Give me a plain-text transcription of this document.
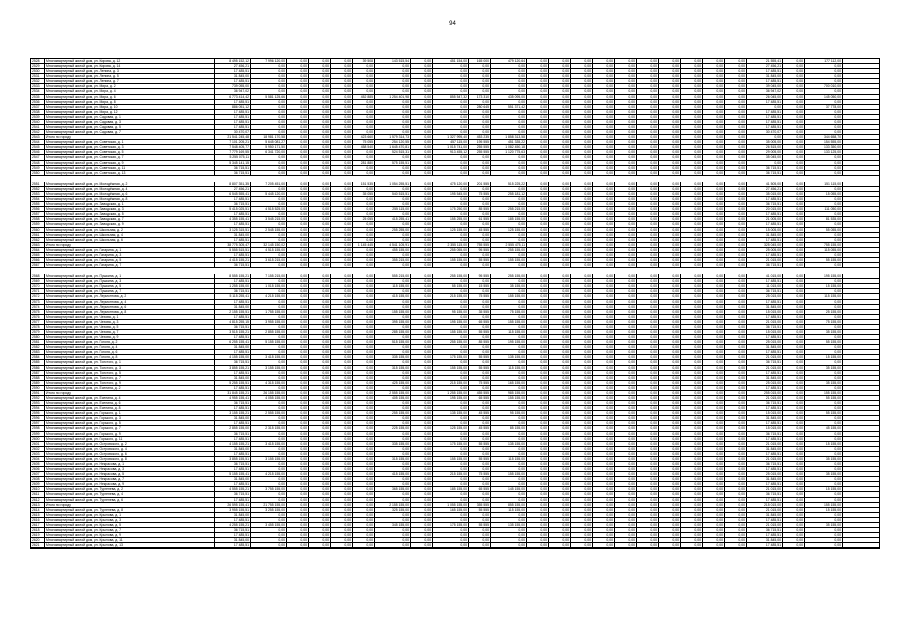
94
2528	Многоквартирный жилой дом, ул. Кирова, д. 12	8 495 152,12	7 996 120,00	0,00	0,00	0,00	39 508	143 515,54	0,00	451 154,00	165 000	479 120,64	0,00	0,00	0,00	0,00	0,00	0,00	0,00	0,00	0,00	0,00	21 555,41	0,00	177 112,00
2529	Многоквартирный жилой дом, ул. Кирова, д. 14	27 456,21	0,00	0,00	0,00	0,00	0,00	0,00	0,00	0,00	0,00	0,00	0,00	0,00	0,00	0,00	0,00	0,00	0,00	0,00	0,00	0,00	27 456,21	0,00	0,00
2530	Многоквартирный жилой дом, ул. Ленина, д. 3	17 485,51	0,00	0,00	0,00	0,00	0,00	0,00	0,00	0,00	0,00	0,00	0,00	0,00	0,00	0,00	0,00	0,00	0,00	0,00	0,00	0,00	17 485,51	0,00	0,00
2531	Многоквартирный жилой дом, ул. Ленина, д. 5	31 845,00	0,00	0,00	0,00	0,00	0,00	0,00	0,00	0,00	0,00	0,00	0,00	0,00	0,00	0,00	0,00	0,00	0,00	0,00	0,00	0,00	31 845,00	0,00	0,00
2532	Многоквартирный жилой дом, ул. Ленина, д. 7	17 485,51	0,00	0,00	0,00	0,00	0,00	0,00	0,00	0,00	0,00	0,00	0,00	0,00	0,00	0,00	0,00	0,00	0,00	0,00	0,00	0,00	17 485,51	0,00	0,00
2533	Многоквартирный жилой дом, ул. Мира, д. 2	739 055,00	0,00	0,00	0,00	0,00	0,00	0,00	0,00	0,00	0,00	0,00	0,00	0,00	0,00	0,00	0,00	0,00	0,00	0,00	0,00	0,00	39 045,00	0,00	700 010,00
2534	Многоквартирный жилой дом, ул. Мира, д. 4	36 947,02	0,00	0,00	0,00	0,00	0,00	0,00	0,00	0,00	0,00	0,00	0,00	0,00	0,00	0,00	0,00	0,00	0,00	0,00	0,00	0,00	36 947,02	0,00	0,00
2535	Многоквартирный жилой дом, ул. Мира, д. 6	6 773 414,42	5 581 125,66	0,00	0,00	0,00	452 885	1 254 401,98	0,00	855 547,32	173 310	435 095,00	0,00	0,00	0,00	0,00	0,00	0,00	0,00	0,00	0,00	0,00	26 045,00	0,00	145 050,00
2536	Многоквартирный жилой дом, ул. Мира, д. 8	17 485,51	0,00	0,00	0,00	0,00	0,00	0,00	0,00	0,00	0,00	0,00	0,00	0,00	0,00	0,00	0,00	0,00	0,00	0,00	0,00	0,00	17 485,51	0,00	0,00
2537	Многоквартирный жилой дом, ул. Мира, д. 10	886 051,12	0,00	0,00	0,00	0,00	0,00	0,00	0,00	0,00	280 645	551 371,42	0,00	0,00	0,00	0,00	0,00	0,00	0,00	0,00	0,00	0,00	0,00	0,00	37 778,00
2538	Многоквартирный жилой дом, ул. Мира, д. 12	17 485,51	0,00	0,00	0,00	0,00	0,00	0,00	0,00	0,00	0,00	0,00	0,00	0,00	0,00	0,00	0,00	0,00	0,00	0,00	0,00	0,00	17 485,51	0,00	0,00
2539	Многоквартирный жилой дом, ул. Садовая, д. 1	17 485,51	0,00	0,00	0,00	0,00	0,00	0,00	0,00	0,00	0,00	0,00	0,00	0,00	0,00	0,00	0,00	0,00	0,00	0,00	0,00	0,00	17 485,51	0,00	0,00
2540	Многоквартирный жилой дом, ул. Садовая, д. 3	17 485,51	0,00	0,00	0,00	0,00	0,00	0,00	0,00	0,00	0,00	0,00	0,00	0,00	0,00	0,00	0,00	0,00	0,00	0,00	0,00	0,00	17 485,51	0,00	0,00
2541	Многоквартирный жилой дом, ул. Садовая, д. 5	17 485,51	0,00	0,00	0,00	0,00	0,00	0,00	0,00	0,00	0,00	0,00	0,00	0,00	0,00	0,00	0,00	0,00	0,00	0,00	0,00	0,00	17 485,51	0,00	0,00
2542	Многоквартирный жилой дом, ул. Садовая, д. 7	30 470,07	0,00	0,00	0,00	0,00	0,00	0,00	0,00	0,00	0,00	0,00	0,00	0,00	0,00	0,00	0,00	0,00	0,00	0,00	0,00	0,00	30 470,07	0,00	0,00
2543	Итого по городу	21 541 245,48	18 981 170,58	0,00	0,00	0,00	423 660	1 579 314,73	0,00	1 327 995,40	453 235	1 858 313,58	0,00	0,00	0,00	0,00	0,00	0,00	0,00	0,00	0,00	0,00	0,00	0,00	344 658,70
2544	Многоквартирный жилой дом, ул. Советская, д. 1	7 101 205,21	5 645 081,27	0,00	0,00	0,00	75 055	254 120,55	0,00	457 115,00	195 555	451 335,22	0,00	0,00	0,00	0,00	0,00	0,00	0,00	0,00	0,00	0,00	35 005,00	0,00	154 555,00
2545	Многоквартирный жилой дом, ул. Советская, д. 3	7 548 405,77	5 950 171,50	0,00	0,00	0,00	458 540	1 645 470,81	0,00	1 015 741,00	255 555	1 082 450,18	0,00	0,00	0,00	0,00	0,00	0,00	0,00	0,00	0,00	0,00	26 515,00	0,00	133 350,00
2546	Многоквартирный жилой дом, ул. Советская, д. 5	7 779 169,55	6 341 720,00	0,00	0,00	0,00	0,00	524 515,31	0,00	913 455,12	255 555	1 120 775,63	0,00	0,00	0,00	0,00	0,00	0,00	0,00	0,00	0,00	0,00	29 005,00	0,00	133 125,00
2547	Многоквартирный жилой дом, ул. Советская, д. 7	5 255 075,11	0,00	0,00	0,00	0,00	0,00	0,00	0,00	0,00	0,00	0,00	0,00	0,00	0,00	0,00	0,00	0,00	0,00	0,00	0,00	0,00	35 045,00	0,00	0,00
2548	Многоквартирный жилой дом, ул. Советская, д. 9	5 345 141,15	0,00	0,00	0,00	0,00	281 880	575 155,51	0,00	0,00	0,00	0,00	0,00	0,00	0,00	0,00	0,00	0,00	0,00	0,00	0,00	0,00	0,00	0,00	0,00
2549	Многоквартирный жилой дом, ул. Советская, д. 11	36 715,51	0,00	0,00	0,00	0,00	0,00	0,00	0,00	0,00	0,00	0,00	0,00	0,00	0,00	0,00	0,00	0,00	0,00	0,00	0,00	0,00	36 715,51	0,00	0,00
2550	Многоквартирный жилой дом, ул. Советская, д. 13	36 715,51	0,00	0,00	0,00	0,00	0,00	0,00	0,00	0,00	0,00	0,00	0,00	0,00	0,00	0,00	0,00	0,00	0,00	0,00	0,00	0,00	36 715,51	0,00	0,00
2551	Многоквартирный жилой дом, ул. Молодёжная, д. 2	8 807 351,35	7 205 451,00	0,00	0,00	0,00	151 535	1 054 255,51	0,00	475 120,00	201 555	515 225,22	0,00	0,00	0,00	0,00	0,00	0,00	0,00	0,00	0,00	0,00	41 505,00	0,00	151 115,00
2552	Многоквартирный жилой дом, ул. Молодёжная, д. 4	27 456,21	0,00	0,00	0,00	0,00	0,00	0,00	0,00	0,00	0,00	0,00	0,00	0,00	0,00	0,00	0,00	0,00	0,00	0,00	0,00	0,00	27 456,21	0,00	0,00
2553	Многоквартирный жилой дом, ул. Молодёжная, д. 6	6 545 555,41	5 445 120,00	0,00	0,00	0,00	35 055	540 515,51	0,00	195 545,00	75 555	255 181,12	0,00	0,00	0,00	0,00	0,00	0,00	0,00	0,00	0,00	0,00	35 015,00	0,00	15 055,00
2554	Многоквартирный жилой дом, ул. Молодёжная, д. 8	17 485,51	0,00	0,00	0,00	0,00	0,00	0,00	0,00	0,00	0,00	0,00	0,00	0,00	0,00	0,00	0,00	0,00	0,00	0,00	0,00	0,00	17 485,51	0,00	0,00
2555	Многоквартирный жилой дом, ул. Заводская, д. 1	36 715,51	0,00	0,00	0,00	0,00	0,00	0,00	0,00	0,00	0,00	0,00	0,00	0,00	0,00	0,00	0,00	0,00	0,00	0,00	0,00	0,00	36 715,51	0,00	0,00
2556	Многоквартирный жилой дом, ул. Заводская, д. 3	5 415 025,51	4 515 525,00	0,00	0,00	0,00	0,00	255 115,00	0,00	175 250,00	85 555	255 215,00	0,00	0,00	0,00	0,00	0,00	0,00	0,00	0,00	0,00	0,00	20 015,00	0,00	111 050,00
2557	Многоквартирный жилой дом, ул. Заводская, д. 5	17 485,51	0,00	0,00	0,00	0,00	0,00	0,00	0,00	0,00	0,00	0,00	0,00	0,00	0,00	0,00	0,00	0,00	0,00	0,00	0,00	0,00	17 485,51	0,00	0,00
2558	Многоквартирный жилой дом, ул. Заводская, д. 7	4 355 155,41	3 545 215,00	0,00	0,00	0,00	25 055	415 255,41	0,00	155 255,00	61 555	185 155,00	0,00	0,00	0,00	0,00	0,00	0,00	0,00	0,00	0,00	0,00	21 005,00	0,00	81 535,00
2559	Многоквартирный жилой дом, ул. Заводская, д. 9	17 485,51	0,00	0,00	0,00	0,00	0,00	0,00	0,00	0,00	0,00	0,00	0,00	0,00	0,00	0,00	0,00	0,00	0,00	0,00	0,00	0,00	17 485,51	0,00	0,00
2560	Многоквартирный жилой дом, ул. Школьная, д. 2	3 125 315,51	2 545 155,00	0,00	0,00	0,00	0,00	255 255,00	0,00	125 155,00	45 555	125 155,00	0,00	0,00	0,00	0,00	0,00	0,00	0,00	0,00	0,00	0,00	15 005,00	0,00	55 055,00
2561	Многоквартирный жилой дом, ул. Школьная, д. 4	31 845,00	0,00	0,00	0,00	0,00	0,00	0,00	0,00	0,00	0,00	0,00	0,00	0,00	0,00	0,00	0,00	0,00	0,00	0,00	0,00	0,00	31 845,00	0,00	0,00
2562	Многоквартирный жилой дом, ул. Школьная, д. 6	17 485,51	0,00	0,00	0,00	0,00	0,00	0,00	0,00	0,00	0,00	0,00	0,00	0,00	0,00	0,00	0,00	0,00	0,00	0,00	0,00	0,00	17 485,51	0,00	0,00
2563	Итого по городу	38 775 305,47	32 145 150,02	0,00	0,00	0,00	1 145 445	4 541 105,91	0,00	2 355 115,00	755 555	2 555 475,11	0,00	0,00	0,00	0,00	0,00	0,00	0,00	0,00	0,00	0,00	325 045,00	0,00	755 155,00
2564	Многоквартирный жилой дом, ул. Гагарина, д. 1	5 555 515,51	4 515 155,00	0,00	0,00	0,00	0,00	455 155,00	0,00	255 055,00	95 555	255 155,00	0,00	0,00	0,00	0,00	0,00	0,00	0,00	0,00	0,00	0,00	25 005,00	0,00	115 055,00
2565	Многоквартирный жилой дом, ул. Гагарина, д. 3	17 485,51	0,00	0,00	0,00	0,00	0,00	0,00	0,00	0,00	0,00	0,00	0,00	0,00	0,00	0,00	0,00	0,00	0,00	0,00	0,00	0,00	17 485,51	0,00	0,00
2566	Многоквартирный жилой дом, ул. Гагарина, д. 5	4 415 155,21	3 615 215,00	0,00	0,00	0,00	0,00	355 215,00	0,00	155 155,00	55 555	155 155,00	0,00	0,00	0,00	0,00	0,00	0,00	0,00	0,00	0,00	0,00	21 015,00	0,00	55 155,00
2567	Многоквартирный жилой дом, ул. Гагарина, д. 7	36 715,51	0,00	0,00	0,00	0,00	0,00	0,00	0,00	0,00	0,00	0,00	0,00	0,00	0,00	0,00	0,00	0,00	0,00	0,00	0,00	0,00	36 715,51	0,00	0,00
2568	Многоквартирный жилой дом, ул. Пушкина, д. 1	8 555 155,21	7 155 215,00	0,00	0,00	0,00	0,00	555 215,00	0,00	255 155,00	95 555	255 155,00	0,00	0,00	0,00	0,00	0,00	0,00	0,00	0,00	0,00	0,00	41 015,00	0,00	195 155,00
2569	Многоквартирный жилой дом, ул. Пушкина, д. 3	17 485,51	0,00	0,00	0,00	0,00	0,00	0,00	0,00	0,00	0,00	0,00	0,00	0,00	0,00	0,00	0,00	0,00	0,00	0,00	0,00	0,00	17 485,51	0,00	0,00
2570	Многоквартирный жилой дом, ул. Пушкина, д. 5	1 255 155,00	1 015 155,00	0,00	0,00	0,00	0,00	115 155,00	0,00	55 155,00	15 555	35 155,00	0,00	0,00	0,00	0,00	0,00	0,00	0,00	0,00	0,00	0,00	11 015,00	0,00	15 155,00
2571	Многоквартирный жилой дом, ул. Пушкина, д. 7	36 715,51	0,00	0,00	0,00	0,00	0,00	0,00	0,00	0,00	0,00	0,00	0,00	0,00	0,00	0,00	0,00	0,00	0,00	0,00	0,00	0,00	36 715,51	0,00	0,00
2572	Многоквартирный жилой дом, ул. Лермонтова, д. 2	5 115 255,41	4 215 155,00	0,00	0,00	0,00	0,00	415 155,00	0,00	215 155,00	75 555	155 155,00	0,00	0,00	0,00	0,00	0,00	0,00	0,00	0,00	0,00	0,00	25 015,00	0,00	115 155,00
2573	Многоквартирный жилой дом, ул. Лермонтова, д. 4	17 485,51	0,00	0,00	0,00	0,00	0,00	0,00	0,00	0,00	0,00	0,00	0,00	0,00	0,00	0,00	0,00	0,00	0,00	0,00	0,00	0,00	17 485,51	0,00	0,00
2574	Многоквартирный жилой дом, ул. Лермонтова, д. 6	31 845,00	0,00	0,00	0,00	0,00	0,00	0,00	0,00	0,00	0,00	0,00	0,00	0,00	0,00	0,00	0,00	0,00	0,00	0,00	0,00	0,00	31 845,00	0,00	0,00
2575	Многоквартирный жилой дом, ул. Лермонтова, д. 8	2 155 155,51	1 755 155,00	0,00	0,00	0,00	0,00	155 155,00	0,00	95 155,00	35 555	75 155,00	0,00	0,00	0,00	0,00	0,00	0,00	0,00	0,00	0,00	0,00	15 015,00	0,00	25 155,00
2576	Многоквартирный жилой дом, ул. Чехова, д. 1	17 485,51	0,00	0,00	0,00	0,00	0,00	0,00	0,00	0,00	0,00	0,00	0,00	0,00	0,00	0,00	0,00	0,00	0,00	0,00	0,00	0,00	17 485,51	0,00	0,00
2577	Многоквартирный жилой дом, ул. Чехова, д. 3	4 815 255,15	3 955 155,00	0,00	0,00	0,00	0,00	395 155,00	0,00	195 155,00	65 555	155 155,00	0,00	0,00	0,00	0,00	0,00	0,00	0,00	0,00	0,00	0,00	21 015,00	0,00	75 155,00
2578	Многоквартирный жилой дом, ул. Чехова, д. 5	36 715,51	0,00	0,00	0,00	0,00	0,00	0,00	0,00	0,00	0,00	0,00	0,00	0,00	0,00	0,00	0,00	0,00	0,00	0,00	0,00	0,00	36 715,51	0,00	0,00
2579	Многоквартирный жилой дом, ул. Чехова, д. 7	3 515 155,21	2 855 155,00	0,00	0,00	0,00	0,00	285 155,00	0,00	155 155,00	55 555	115 155,00	0,00	0,00	0,00	0,00	0,00	0,00	0,00	0,00	0,00	0,00	15 015,00	0,00	35 155,00
2580	Многоквартирный жилой дом, ул. Чехова, д. 9	17 485,51	0,00	0,00	0,00	0,00	0,00	0,00	0,00	0,00	0,00	0,00	0,00	0,00	0,00	0,00	0,00	0,00	0,00	0,00	0,00	0,00	17 485,51	0,00	0,00
2581	Многоквартирный жилой дом, ул. Гоголя, д. 2	6 255 155,41	5 155 155,00	0,00	0,00	0,00	0,00	515 155,00	0,00	255 155,00	85 555	195 155,00	0,00	0,00	0,00	0,00	0,00	0,00	0,00	0,00	0,00	0,00	25 015,00	0,00	55 155,00
2582	Многоквартирный жилой дом, ул. Гоголя, д. 4	31 845,00	0,00	0,00	0,00	0,00	0,00	0,00	0,00	0,00	0,00	0,00	0,00	0,00	0,00	0,00	0,00	0,00	0,00	0,00	0,00	0,00	31 845,00	0,00	0,00
2583	Многоквартирный жилой дом, ул. Гоголя, д. 6	17 485,51	0,00	0,00	0,00	0,00	0,00	0,00	0,00	0,00	0,00	0,00	0,00	0,00	0,00	0,00	0,00	0,00	0,00	0,00	0,00	0,00	17 485,51	0,00	0,00
2584	Многоквартирный жилой дом, ул. Гоголя, д. 8	4 155 155,00	3 415 155,00	0,00	0,00	0,00	0,00	335 155,00	0,00	175 155,00	55 555	135 155,00	0,00	0,00	0,00	0,00	0,00	0,00	0,00	0,00	0,00	0,00	21 015,00	0,00	15 155,00
2585	Многоквартирный жилой дом, ул. Толстого, д. 1	36 715,51	0,00	0,00	0,00	0,00	0,00	0,00	0,00	0,00	0,00	0,00	0,00	0,00	0,00	0,00	0,00	0,00	0,00	0,00	0,00	0,00	36 715,51	0,00	0,00
2586	Многоквартирный жилой дом, ул. Толстого, д. 3	3 855 155,21	3 155 155,00	0,00	0,00	0,00	0,00	315 155,00	0,00	155 155,00	55 555	115 155,00	0,00	0,00	0,00	0,00	0,00	0,00	0,00	0,00	0,00	0,00	21 015,00	0,00	35 155,00
2587	Многоквартирный жилой дом, ул. Толстого, д. 5	17 485,51	0,00	0,00	0,00	0,00	0,00	0,00	0,00	0,00	0,00	0,00	0,00	0,00	0,00	0,00	0,00	0,00	0,00	0,00	0,00	0,00	17 485,51	0,00	0,00
2588	Многоквартирный жилой дом, ул. Толстого, д. 7	31 845,00	0,00	0,00	0,00	0,00	0,00	0,00	0,00	0,00	0,00	0,00	0,00	0,00	0,00	0,00	0,00	0,00	0,00	0,00	0,00	0,00	31 845,00	0,00	0,00
2589	Многоквартирный жилой дом, ул. Толстого, д. 9	5 255 155,51	4 315 155,00	0,00	0,00	0,00	0,00	425 155,00	0,00	215 155,00	75 555	165 155,00	0,00	0,00	0,00	0,00	0,00	0,00	0,00	0,00	0,00	0,00	25 015,00	0,00	35 155,00
2590	Многоквартирный жилой дом, ул. Есенина, д. 2	17 485,51	0,00	0,00	0,00	0,00	0,00	0,00	0,00	0,00	0,00	0,00	0,00	0,00	0,00	0,00	0,00	0,00	0,00	0,00	0,00	0,00	17 485,51	0,00	0,00
2591	Итого по городу	31 845 155,21	26 155 155,00	0,00	0,00	0,00	0,00	2 555 155,00	0,00	1 255 155,00	455 555	985 155,00	0,00	0,00	0,00	0,00	0,00	0,00	0,00	0,00	0,00	0,00	255 015,00	0,00	155 155,00
2592	Многоквартирный жилой дом, ул. Есенина, д. 4	4 955 155,41	4 055 155,00	0,00	0,00	0,00	0,00	405 155,00	0,00	195 155,00	65 555	155 155,00	0,00	0,00	0,00	0,00	0,00	0,00	0,00	0,00	0,00	0,00	21 015,00	0,00	55 155,00
2593	Многоквартирный жилой дом, ул. Есенина, д. 6	36 715,51	0,00	0,00	0,00	0,00	0,00	0,00	0,00	0,00	0,00	0,00	0,00	0,00	0,00	0,00	0,00	0,00	0,00	0,00	0,00	0,00	36 715,51	0,00	0,00
2594	Многоквартирный жилой дом, ул. Есенина, д. 8	17 485,51	0,00	0,00	0,00	0,00	0,00	0,00	0,00	0,00	0,00	0,00	0,00	0,00	0,00	0,00	0,00	0,00	0,00	0,00	0,00	0,00	17 485,51	0,00	0,00
2595	Многоквартирный жилой дом, ул. Горького, д. 1	3 155 155,21	2 555 155,00	0,00	0,00	0,00	0,00	255 155,00	0,00	135 155,00	45 555	95 155,00	0,00	0,00	0,00	0,00	0,00	0,00	0,00	0,00	0,00	0,00	15 015,00	0,00	55 155,00
2596	Многоквартирный жилой дом, ул. Горького, д. 3	31 845,00	0,00	0,00	0,00	0,00	0,00	0,00	0,00	0,00	0,00	0,00	0,00	0,00	0,00	0,00	0,00	0,00	0,00	0,00	0,00	0,00	31 845,00	0,00	0,00
2597	Многоквартирный жилой дом, ул. Горького, д. 5	17 485,51	0,00	0,00	0,00	0,00	0,00	0,00	0,00	0,00	0,00	0,00	0,00	0,00	0,00	0,00	0,00	0,00	0,00	0,00	0,00	0,00	17 485,51	0,00	0,00
2598	Многоквартирный жилой дом, ул. Горького, д. 7	2 855 155,00	2 315 155,00	0,00	0,00	0,00	0,00	225 155,00	0,00	125 155,00	45 555	85 155,00	0,00	0,00	0,00	0,00	0,00	0,00	0,00	0,00	0,00	0,00	15 015,00	0,00	45 155,00
2599	Многоквартирный жилой дом, ул. Горького, д. 9	36 715,51	0,00	0,00	0,00	0,00	0,00	0,00	0,00	0,00	0,00	0,00	0,00	0,00	0,00	0,00	0,00	0,00	0,00	0,00	0,00	0,00	36 715,51	0,00	0,00
2600	Многоквартирный жилой дом, ул. Горького, д. 11	17 485,51	0,00	0,00	0,00	0,00	0,00	0,00	0,00	0,00	0,00	0,00	0,00	0,00	0,00	0,00	0,00	0,00	0,00	0,00	0,00	0,00	17 485,51	0,00	0,00
2601	Многоквартирный жилой дом, ул. Островского, д. 2	4 155 155,21	3 415 155,00	0,00	0,00	0,00	0,00	335 155,00	0,00	175 155,00	55 555	135 155,00	0,00	0,00	0,00	0,00	0,00	0,00	0,00	0,00	0,00	0,00	21 015,00	0,00	15 155,00
2602	Многоквартирный жилой дом, ул. Островского, д. 4	31 845,00	0,00	0,00	0,00	0,00	0,00	0,00	0,00	0,00	0,00	0,00	0,00	0,00	0,00	0,00	0,00	0,00	0,00	0,00	0,00	0,00	31 845,00	0,00	0,00
2603	Многоквартирный жилой дом, ул. Островского, д. 6	17 485,51	0,00	0,00	0,00	0,00	0,00	0,00	0,00	0,00	0,00	0,00	0,00	0,00	0,00	0,00	0,00	0,00	0,00	0,00	0,00	0,00	17 485,51	0,00	0,00
2604	Многоквартирный жилой дом, ул. Островского, д. 8	3 855 155,51	3 155 155,00	0,00	0,00	0,00	0,00	315 155,00	0,00	155 155,00	55 555	115 155,00	0,00	0,00	0,00	0,00	0,00	0,00	0,00	0,00	0,00	0,00	21 015,00	0,00	35 155,00
2605	Многоквартирный жилой дом, ул. Некрасова, д. 1	36 715,51	0,00	0,00	0,00	0,00	0,00	0,00	0,00	0,00	0,00	0,00	0,00	0,00	0,00	0,00	0,00	0,00	0,00	0,00	0,00	0,00	36 715,51	0,00	0,00
2606	Многоквартирный жилой дом, ул. Некрасова, д. 3	17 485,51	0,00	0,00	0,00	0,00	0,00	0,00	0,00	0,00	0,00	0,00	0,00	0,00	0,00	0,00	0,00	0,00	0,00	0,00	0,00	0,00	17 485,51	0,00	0,00
2607	Многоквартирный жилой дом, ул. Некрасова, д. 5	5 155 155,41	4 215 155,00	0,00	0,00	0,00	0,00	415 155,00	0,00	215 155,00	75 555	155 155,00	0,00	0,00	0,00	0,00	0,00	0,00	0,00	0,00	0,00	0,00	25 015,00	0,00	35 155,00
2608	Многоквартирный жилой дом, ул. Некрасова, д. 7	31 845,00	0,00	0,00	0,00	0,00	0,00	0,00	0,00	0,00	0,00	0,00	0,00	0,00	0,00	0,00	0,00	0,00	0,00	0,00	0,00	0,00	31 845,00	0,00	0,00
2609	Многоквартирный жилой дом, ул. Некрасова, д. 9	17 485,51	0,00	0,00	0,00	0,00	0,00	0,00	0,00	0,00	0,00	0,00	0,00	0,00	0,00	0,00	0,00	0,00	0,00	0,00	0,00	0,00	17 485,51	0,00	0,00
2610	Многоквартирный жилой дом, ул. Тургенева, д. 2	4 555 155,21	3 755 155,00	0,00	0,00	0,00	0,00	365 155,00	0,00	185 155,00	65 555	145 155,00	0,00	0,00	0,00	0,00	0,00	0,00	0,00	0,00	0,00	0,00	21 015,00	0,00	15 155,00
2611	Многоквартирный жилой дом, ул. Тургенева, д. 4	36 715,51	0,00	0,00	0,00	0,00	0,00	0,00	0,00	0,00	0,00	0,00	0,00	0,00	0,00	0,00	0,00	0,00	0,00	0,00	0,00	0,00	36 715,51	0,00	0,00
2612	Многоквартирный жилой дом, ул. Тургенева, д. 6	17 485,51	0,00	0,00	0,00	0,00	0,00	0,00	0,00	0,00	0,00	0,00	0,00	0,00	0,00	0,00	0,00	0,00	0,00	0,00	0,00	0,00	17 485,51	0,00	0,00
2613	Итого по городу	26 595 155,41	21 755 155,00	0,00	0,00	0,00	0,00	2 155 155,00	0,00	1 055 155,00	355 555	855 155,00	0,00	0,00	0,00	0,00	0,00	0,00	0,00	0,00	0,00	0,00	215 015,00	0,00	155 155,00
2614	Многоквартирный жилой дом, ул. Тургенева, д. 8	3 955 155,51	3 255 155,00	0,00	0,00	0,00	0,00	325 155,00	0,00	165 155,00	55 555	115 155,00	0,00	0,00	0,00	0,00	0,00	0,00	0,00	0,00	0,00	0,00	21 015,00	0,00	15 155,00
2615	Многоквартирный жилой дом, ул. Крылова, д. 1	31 845,00	0,00	0,00	0,00	0,00	0,00	0,00	0,00	0,00	0,00	0,00	0,00	0,00	0,00	0,00	0,00	0,00	0,00	0,00	0,00	0,00	31 845,00	0,00	0,00
2616	Многоквартирный жилой дом, ул. Крылова, д. 3	17 485,51	0,00	0,00	0,00	0,00	0,00	0,00	0,00	0,00	0,00	0,00	0,00	0,00	0,00	0,00	0,00	0,00	0,00	0,00	0,00	0,00	17 485,51	0,00	0,00
2617	Многоквартирный жилой дом, ул. Крылова, д. 5	4 255 155,21	3 455 155,00	0,00	0,00	0,00	0,00	345 155,00	0,00	175 155,00	55 555	135 155,00	0,00	0,00	0,00	0,00	0,00	0,00	0,00	0,00	0,00	0,00	21 015,00	0,00	35 155,00
2618	Многоквартирный жилой дом, ул. Крылова, д. 7	36 715,51	0,00	0,00	0,00	0,00	0,00	0,00	0,00	0,00	0,00	0,00	0,00	0,00	0,00	0,00	0,00	0,00	0,00	0,00	0,00	0,00	36 715,51	0,00	0,00
2619	Многоквартирный жилой дом, ул. Крылова, д. 9	17 485,51	0,00	0,00	0,00	0,00	0,00	0,00	0,00	0,00	0,00	0,00	0,00	0,00	0,00	0,00	0,00	0,00	0,00	0,00	0,00	0,00	17 485,51	0,00	0,00
2620	Многоквартирный жилой дом, ул. Крылова, д. 11	31 845,00	0,00	0,00	0,00	0,00	0,00	0,00	0,00	0,00	0,00	0,00	0,00	0,00	0,00	0,00	0,00	0,00	0,00	0,00	0,00	0,00	31 845,00	0,00	0,00
2621	Многоквартирный жилой дом, ул. Крылова, д. 13	17 485,51	0,00	0,00	0,00	0,00	0,00	0,00	0,00	0,00	0,00	0,00	0,00	0,00	0,00	0,00	0,00	0,00	0,00	0,00	0,00	0,00	17 485,51	0,00	0,00
